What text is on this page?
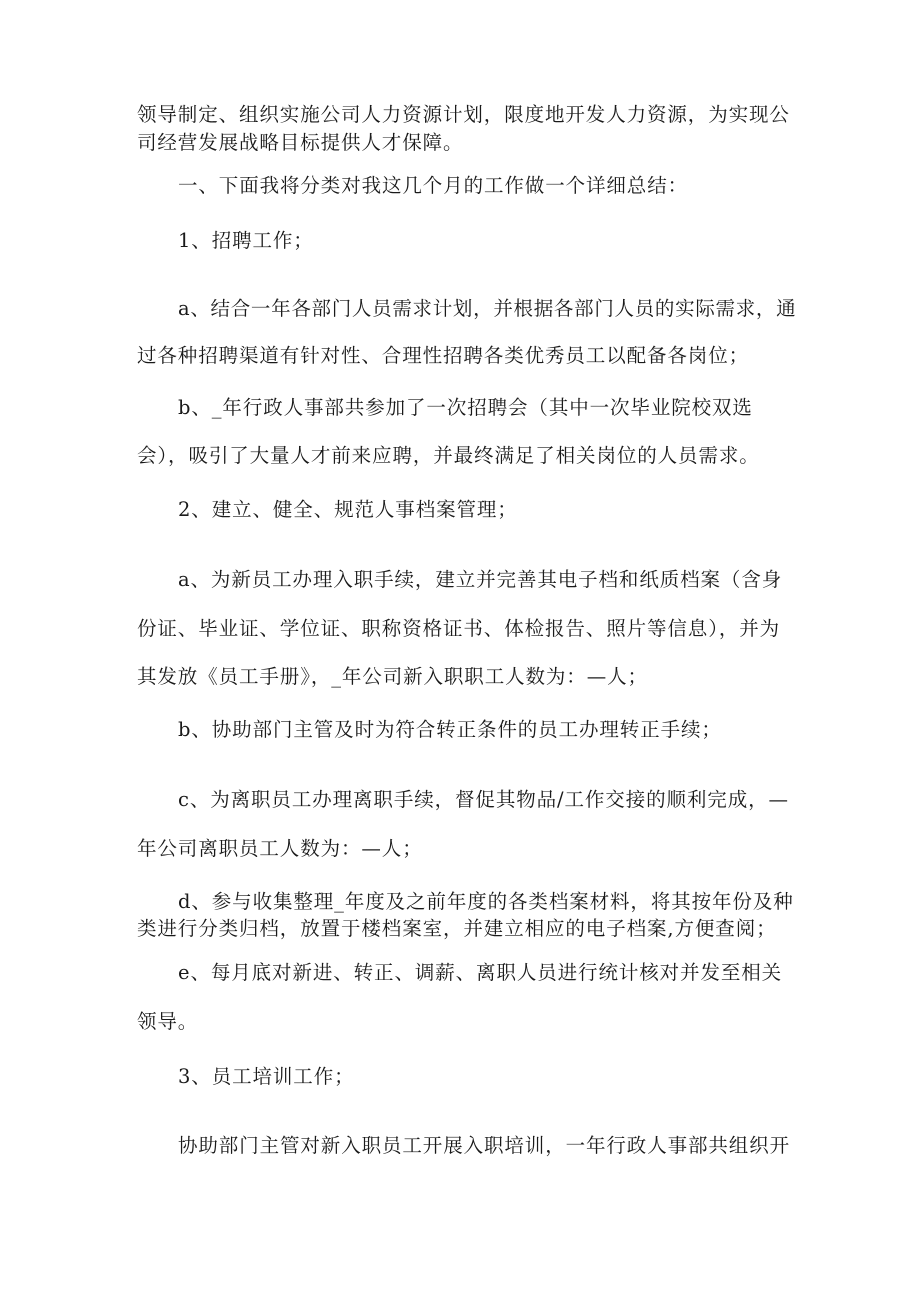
领导制定、组织实施公司人力资源计划，限度地开发人力资源，为实现公
司经营发展战略目标提供人才保障。
一、下面我将分类对我这几个月的工作做一个详细总结：
1、招聘工作；
a、结合一年各部门人员需求计划，并根据各部门人员的实际需求，通
过各种招聘渠道有针对性、合理性招聘各类优秀员工以配备各岗位；
b、_年行政人事部共参加了一次招聘会（其中一次毕业院校双选
会），吸引了大量人才前来应聘，并最终满足了相关岗位的人员需求。
2、建立、健全、规范人事档案管理；
a、为新员工办理入职手续，建立并完善其电子档和纸质档案（含身
份证、毕业证、学位证、职称资格证书、体检报告、照片等信息），并为
其发放《员工手册》，_年公司新入职职工人数为：—人；
b、协助部门主管及时为符合转正条件的员工办理转正手续；
c、为离职员工办理离职手续，督促其物品/工作交接的顺利完成，—
年公司离职员工人数为：—人；
d、参与收集整理_年度及之前年度的各类档案材料，将其按年份及种
类进行分类归档，放置于楼档案室，并建立相应的电子档案,方便查阅；
e、每月底对新进、转正、调薪、离职人员进行统计核对并发至相关
领导。
3、员工培训工作；
协助部门主管对新入职员工开展入职培训，一年行政人事部共组织开
